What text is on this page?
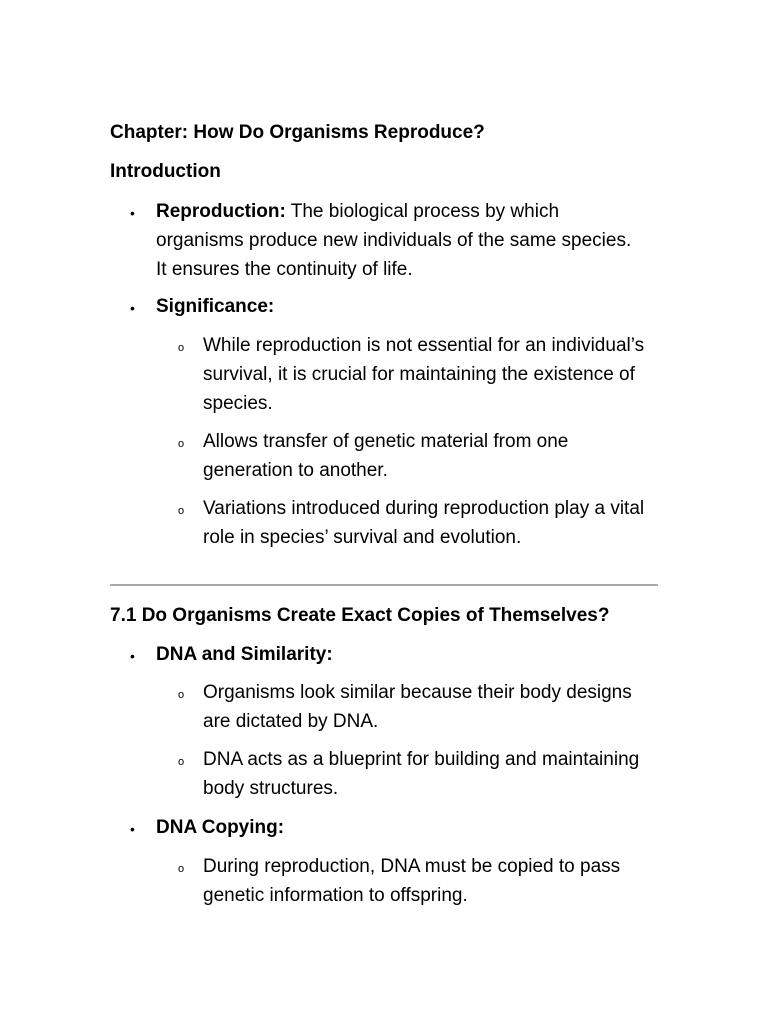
Chapter: How Do Organisms Reproduce?
Introduction
• Reproduction: The biological process by which organisms produce new individuals of the same species. It ensures the continuity of life.
• Significance:
o While reproduction is not essential for an individual’s survival, it is crucial for maintaining the existence of species.
o Allows transfer of genetic material from one generation to another.
o Variations introduced during reproduction play a vital role in species’ survival and evolution.
7.1 Do Organisms Create Exact Copies of Themselves?
• DNA and Similarity:
o Organisms look similar because their body designs are dictated by DNA.
o DNA acts as a blueprint for building and maintaining body structures.
• DNA Copying:
o During reproduction, DNA must be copied to pass genetic information to offspring.
